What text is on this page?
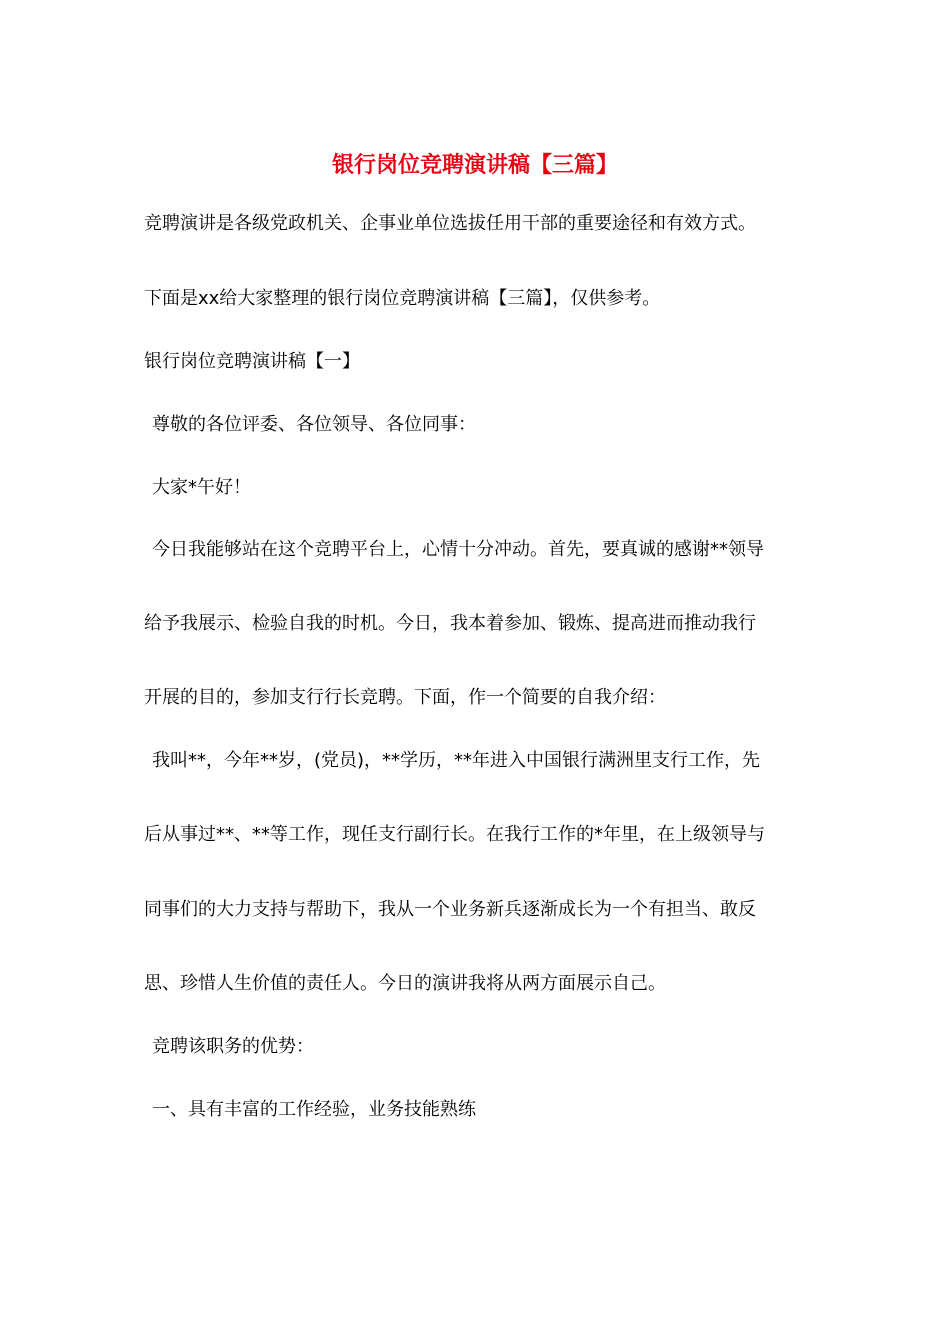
银行岗位竞聘演讲稿【三篇】
竞聘演讲是各级党政机关、企事业单位选拔任用干部的重要途径和有效方式。
下面是xx给大家整理的银行岗位竞聘演讲稿【三篇】，仅供参考。
银行岗位竞聘演讲稿【一】
尊敬的各位评委、各位领导、各位同事：
大家*午好！
今日我能够站在这个竞聘平台上，心情十分冲动。首先，要真诚的感谢**领导
给予我展示、检验自我的时机。今日，我本着参加、锻炼、提高进而推动我行
开展的目的，参加支行行长竞聘。下面，作一个简要的自我介绍：
我叫**，今年**岁，(党员)，**学历，**年进入中国银行满洲里支行工作，先
后从事过**、**等工作，现任支行副行长。在我行工作的*年里，在上级领导与
同事们的大力支持与帮助下，我从一个业务新兵逐渐成长为一个有担当、敢反
思、珍惜人生价值的责任人。今日的演讲我将从两方面展示自己。
竞聘该职务的优势：
一、具有丰富的工作经验，业务技能熟练
